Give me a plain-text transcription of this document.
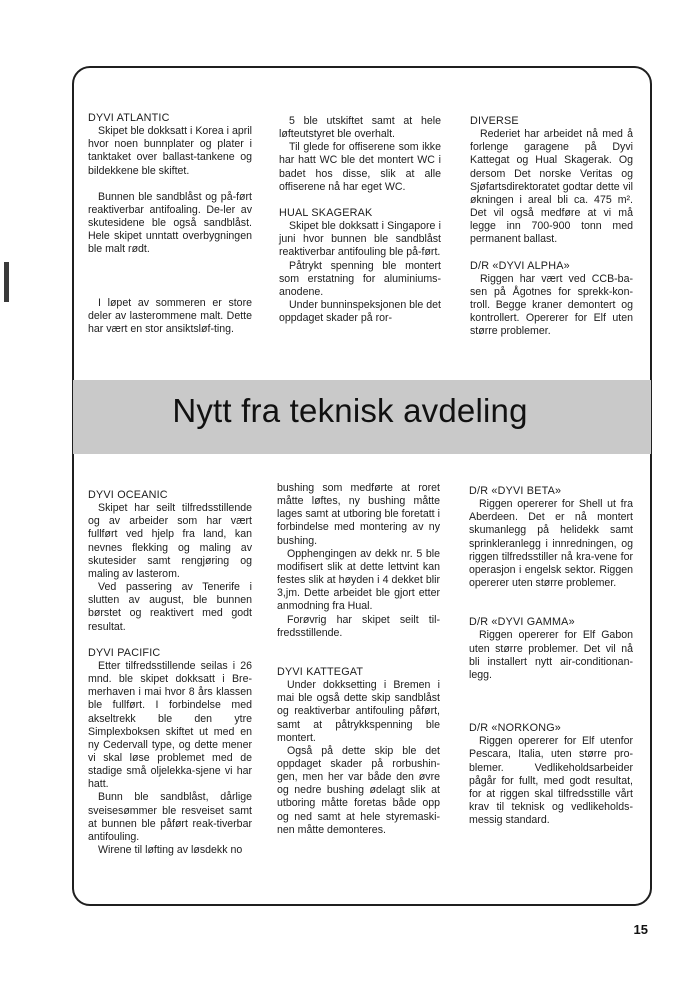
Nytt fra teknisk avdeling
DYVI ATLANTIC

Skipet ble dokksatt i Korea i april hvor noen bunnplater og plater i tanktaket over ballast-tankene og bildekkene ble skiftet.

Bunnen ble sandblåst og på-ført reaktiverbar antifoaling. De-ler av skutesidene ble også sandblåst. Hele skipet unntatt overbygningen ble malt rødt.

I løpet av sommeren er store deler av lasterommene malt. Dette har vært en stor ansiktsløf-ting.

5 ble utskiftet samt at hele løfteutstyret ble overhalt.

Til glede for offiserene som ikke har hatt WC ble det montert WC i badet hos disse, slik at alle offiserene nå har eget WC.

HUAL SKAGERAK

Skipet ble dokksatt i Singapore i juni hvor bunnen ble sandblåst reaktiverbar antifouling ble på-ført.

Påtrykt spenning ble montert som erstatning for aluminiums-anodene.

Under bunninspeksjonen ble det oppdaget skader på ror-

DIVERSE

Rederiet har arbeidet nå med å forlenge garagene på Dyvi Kattegat og Hual Skagerak. Og dersom Det norske Veritas og Sjøfartsdirektoratet godtar dette vil økningen i areal bli ca. 475 m². Det vil også medføre at vi må legge inn 700-900 tonn med permanent ballast.

D/R «DYVI ALPHA»

Riggen har vært ved CCB-ba-sen på Ågotnes for sprekk-kon-troll. Begge kraner demontert og kontrollert. Opererer for Elf uten større problemer.

DYVI OCEANIC

Skipet har seilt tilfredsstillende og av arbeider som har vært fullført ved hjelp fra land, kan nevnes flekking og maling av skutesider samt rengjøring og maling av lasterom.

Ved passering av Tenerife i slutten av august, ble bunnen børstet og reaktivert med godt resultat.

DYVI PACIFIC

Etter tilfredsstillende seilas i 26 mnd. ble skipet dokksatt i Bre-merhaven i mai hvor 8 års klassen ble fullført. I forbindelse med akseltrekk ble den ytre Simplexboksen skiftet ut med en ny Cedervall type, og dette mener vi skal løse problemet med de stadige små oljelekka-sjene vi har hatt.

Bunn ble sandblåst, dårlige sveisesømmer ble resveiset samt at bunnen ble påført reak-tiverbar antifouling.

Wirene til løfting av løsdekk no

bushing som medførte at roret måtte løftes, ny bushing måtte lages samt at utboring ble foretatt i forbindelse med montering av ny bushing.

Opphengingen av dekk nr. 5 ble modifisert slik at dette lettvint kan festes slik at høyden i 4 dekket blir 3,jm. Dette arbeidet ble gjort etter anmodning fra Hual.

Forøvrig har skipet seilt til-fredsstillende.

DYVI KATTEGAT

Under dokksetting i Bremen i mai ble også dette skip sandblåst og reaktiverbar antifouling påført, samt at påtrykkspenning ble montert.

Også på dette skip ble det oppdaget skader på rorbushin-gen, men her var både den øvre og nedre bushing ødelagt slik at utboring måtte foretas både opp og ned samt at hele styremaski-nen måtte demonteres.

D/R «DYVI BETA»

Riggen opererer for Shell ut fra Aberdeen. Det er nå montert skumanlegg på helidekk samt sprinkleranlegg i innredningen, og riggen tilfredsstiller nå kra-vene for operasjon i engelsk sektor. Riggen opererer uten større problemer.

D/R «DYVI GAMMA»

Riggen opererer for Elf Gabon uten større problemer. Det vil nå bli installert nytt air-conditionan-legg.

D/R «NORKONG»

Riggen opererer for Elf utenfor Pescara, Italia, uten større pro-blemer. Vedlikeholdsarbeider pågår for fullt, med godt resultat, for at riggen skal tilfredsstille vårt krav til teknisk og vedlikeholds-messig standard.

15
